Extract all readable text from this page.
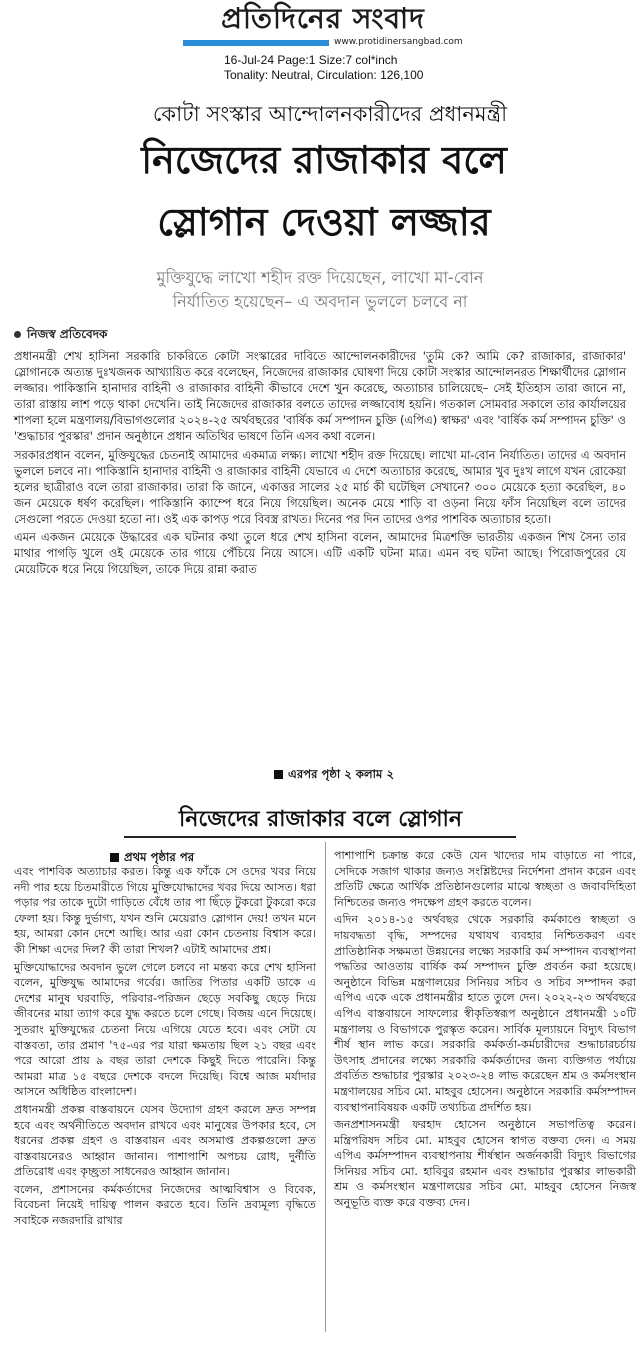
প্রতিদিনের সংবাদ
www.protidinersangbad.com
16-Jul-24 Page:1 Size:7 col*inch
Tonality: Neutral, Circulation: 126,100
কোটা সংস্কার আন্দোলনকারীদের প্রধানমন্ত্রী
নিজেদের রাজাকার বলে
স্লোগান দেওয়া লজ্জার
মুক্তিযুদ্ধে লাখো শহীদ রক্ত দিয়েছেন, লাখো মা-বোন
নির্যাতিত হয়েছেন– এ অবদান ভুললে চলবে না
নিজস্ব প্রতিবেদক

প্রধানমন্ত্রী শেখ হাসিনা সরকারি চাকরিতে কোটা সংস্কারের দাবিতে আন্দোলনকারীদের 'তুমি কে? আমি কে? রাজাকার, রাজাকার' স্লোগানকে অত্যন্ত দুঃখজনক আখ্যায়িত করে বলেছেন, নিজেদের রাজাকার ঘোষণা দিয়ে কোটা সংস্কার আন্দোলনরত শিক্ষার্থীদের স্লোগান লজ্জার। পাকিস্তানি হানাদার বাহিনী ও রাজাকার বাহিনী কীভাবে দেশে খুন করেছে, অত্যাচার চালিয়েছে– সেই ইতিহাস তারা জানে না, তারা রাস্তায় লাশ পড়ে থাকা দেখেনি। তাই নিজেদের রাজাকার বলতে তাদের লজ্জাবোধ হয়নি। গতকাল সোমবার সকালে তার কার্যালয়ের শাপলা হলে মন্ত্রণালয়/বিভাগগুলোর ২০২৪-২৫ অর্থবছরের 'বার্ষিক কর্ম সম্পাদন চুক্তি (এপিএ) স্বাক্ষর' এবং 'বার্ষিক কর্ম সম্পাদন চুক্তি' ও 'শুদ্ধাচার পুরস্কার' প্রদান অনুষ্ঠানে প্রধান অতিথির ভাষণে তিনি এসব কথা বলেন।

সরকারপ্রধান বলেন, মুক্তিযুদ্ধের চেতনাই আমাদের একমাত্র লক্ষ্য। লাখো শহীদ রক্ত দিয়েছে। লাখো মা-বোন নির্যাতিত। তাদের এ অবদান ভুললে চলবে না। পাকিস্তানি হানাদার বাহিনী ও রাজাকার বাহিনী যেভাবে এ দেশে অত্যাচার করেছে, আমার খুব দুঃখ লাগে যখন রোকেয়া হলের ছাত্রীরাও বলে তারা রাজাকার। তারা কি জানে, একাত্তর সালের ২৫ মার্চ কী ঘটেছিল সেখানে? ৩০০ মেয়েকে হত্যা করেছিল, ৪০ জন মেয়েকে ধর্ষণ করেছিল। পাকিস্তানি ক্যাম্পে ধরে নিয়ে গিয়েছিল। অনেক মেয়ে শাড়ি বা ওড়না নিয়ে ফাঁস নিয়েছিল বলে তাদের সেগুলো পরতে দেওয়া হতো না। ওই এক কাপড় পরে বিবস্ত্র রাখত। দিনের পর দিন তাদের ওপর পাশবিক অত্যাচার হতো।

এমন একজন মেয়েকে উদ্ধারের এক ঘটনার কথা তুলে ধরে শেখ হাসিনা বলেন, আমাদের মিত্রশক্তি ভারতীয় একজন শিখ সৈন্য তার মাথার পাগড়ি খুলে ওই মেয়েকে তার গায়ে পেঁচিয়ে নিয়ে আসে। এটি একটি ঘটনা মাত্র। এমন বহু ঘটনা আছে। পিরোজপুরের যে মেয়েটিকে ধরে নিয়ে গিয়েছিল, তাকে দিয়ে রান্না করাত

এরপর পৃষ্ঠা ২ কলাম ২
নিজেদের রাজাকার বলে স্লোগান
প্রথম পৃষ্ঠার পর

এবং পাশবিক অত্যাচার করত। কিন্তু এক ফাঁকে সে ওদের খবর নিয়ে নদী পার হয়ে চিতমারীতে গিয়ে মুক্তিযোদ্ধাদের খবর দিয়ে আসত। ধরা পড়ার পর তাকে দুটো গাড়িতে বেঁধে তার পা ছিঁড়ে টুকরো টুকরো করে ফেলা হয়। কিন্তু দুর্ভাগ্য, যখন শুনি মেয়েরাও স্লোগান দেয়! তখন মনে হয়, আমরা কোন দেশে আছি। আর এরা কোন চেতনায় বিশ্বাস করে। কী শিক্ষা এদের দিল? কী তারা শিখল? এটাই আমাদের প্রশ্ন।

মুক্তিযোদ্ধাদের অবদান ভুলে গেলে চলবে না মন্তব্য করে শেখ হাসিনা বলেন, মুক্তিযুদ্ধ আমাদের গর্বের। জাতির পিতার একটি ডাকে এ দেশের মানুষ ঘরবাড়ি, পরিবার-পরিজন ছেড়ে সবকিছু ছেড়ে দিয়ে জীবনের মায়া ত্যাগ করে যুদ্ধ করতে চলে গেছে। বিজয় এনে দিয়েছে। সুতরাং মুক্তিযুদ্ধের চেতনা নিয়ে এগিয়ে যেতে হবে। এবং সেটা যে বাস্তবতা, তার প্রমাণ '৭৫-এর পর যারা ক্ষমতায় ছিল ২১ বছর এবং পরে আরো প্রায় ৯ বছর তারা দেশকে কিছুই দিতে পারেনি। কিন্তু আমরা মাত্র ১৫ বছরে দেশকে বদলে দিয়েছি। বিশ্বে আজ মর্যাদার আসনে অধিষ্ঠিত বাংলাদেশ।

প্রধানমন্ত্রী প্রকল্প বাস্তবায়নে যেসব উদ্যোগ গ্রহণ করলে দ্রুত সম্পন্ন হবে এবং অর্থনীতিতে অবদান রাখবে এবং মানুষের উপকার হবে, সে ধরনের প্রকল্প গ্রহণ ও বাস্তবায়ন এবং অসমাপ্ত প্রকল্পগুলো দ্রুত বাস্তবায়নেরও আহ্বান জানান। পাশাপাশি অপচয় রোধ, দুর্নীতি প্রতিরোধ এবং কৃচ্ছ্রতা সাধনেরও আহ্বান জানান।

বলেন, প্রশাসনের কর্মকর্তাদের নিজেদের আত্মবিশ্বাস ও বিবেক, বিবেচনা নিয়েই দায়িত্ব পালন করতে হবে। তিনি দ্রব্যমূল্য বৃদ্ধিতে সবাইকে নজরদারি রাখার

পাশাপাশি চক্রান্ত করে কেউ যেন খাদ্যের দাম বাড়াতে না পারে, সেদিকে সজাগ থাকার জন্যও সংশ্লিষ্টদের নির্দেশনা প্রদান করেন এবং প্রতিটি ক্ষেত্রে আর্থিক প্রতিষ্ঠানগুলোর মাঝে স্বচ্ছতা ও জবাবদিহিতা নিশ্চিতের জন্যও পদক্ষেপ গ্রহণ করতে বলেন।

এদিন ২০১৪-১৫ অর্থবছর থেকে সরকারি কর্মকাণ্ডে স্বচ্ছতা ও দায়বদ্ধতা বৃদ্ধি, সম্পদের যথাযথ ব্যবহার নিশ্চিতকরণ এবং প্রাতিষ্ঠানিক সক্ষমতা উন্নয়নের লক্ষ্যে সরকারি কর্ম সম্পাদন ব্যবস্থাপনা পদ্ধতির আওতায় বার্ষিক কর্ম সম্পাদন চুক্তি প্রবর্তন করা হয়েছে। অনুষ্ঠানে বিভিন্ন মন্ত্রণালয়ের সিনিয়র সচিব ও সচিব সম্পাদন করা এপিএ একে একে প্রধানমন্ত্রীর হাতে তুলে দেন। ২০২২-২৩ অর্থবছরে এপিএ বাস্তবায়নে সাফল্যের স্বীকৃতিস্বরূপ অনুষ্ঠানে প্রধানমন্ত্রী ১০টি মন্ত্রণালয় ও বিভাগকে পুরস্কৃত করেন। সার্বিক মূল্যায়নে বিদ্যুৎ বিভাগ শীর্ষ স্থান লাভ করে। সরকারি কর্মকর্তা-কর্মচারীদের শুদ্ধাচারচর্চায় উৎসাহ প্রদানের লক্ষ্যে সরকারি কর্মকর্তাদের জন্য ব্যক্তিগত পর্যায়ে প্রবর্তিত শুদ্ধাচার পুরস্কার ২০২৩-২৪ লাভ করেছেন শ্রম ও কর্মসংস্থান মন্ত্রণালয়ের সচিব মো. মাহবুব হোসেন। অনুষ্ঠানে সরকারি কর্মসম্পাদন ব্যবস্থাপনাবিষয়ক একটি তথ্যচিত্র প্রদর্শিত হয়।

জনপ্রশাসনমন্ত্রী ফরহাদ হোসেন অনুষ্ঠানে সভাপতিত্ব করেন। মন্ত্রিপরিষদ সচিব মো. মাহবুব হোসেন স্বাগত বক্তব্য দেন। এ সময় এপিএ কর্মসম্পাদন ব্যবস্থাপনায় শীর্ষস্থান অর্জনকারী বিদ্যুৎ বিভাগের সিনিয়র সচিব মো. হাবিবুর রহমান এবং শুদ্ধাচার পুরস্কার লাভকারী শ্রম ও কর্মসংস্থান মন্ত্রণালয়ের সচিব মো. মাহবুব হোসেন নিজস্ব অনুভূতি ব্যক্ত করে বক্তব্য দেন।
